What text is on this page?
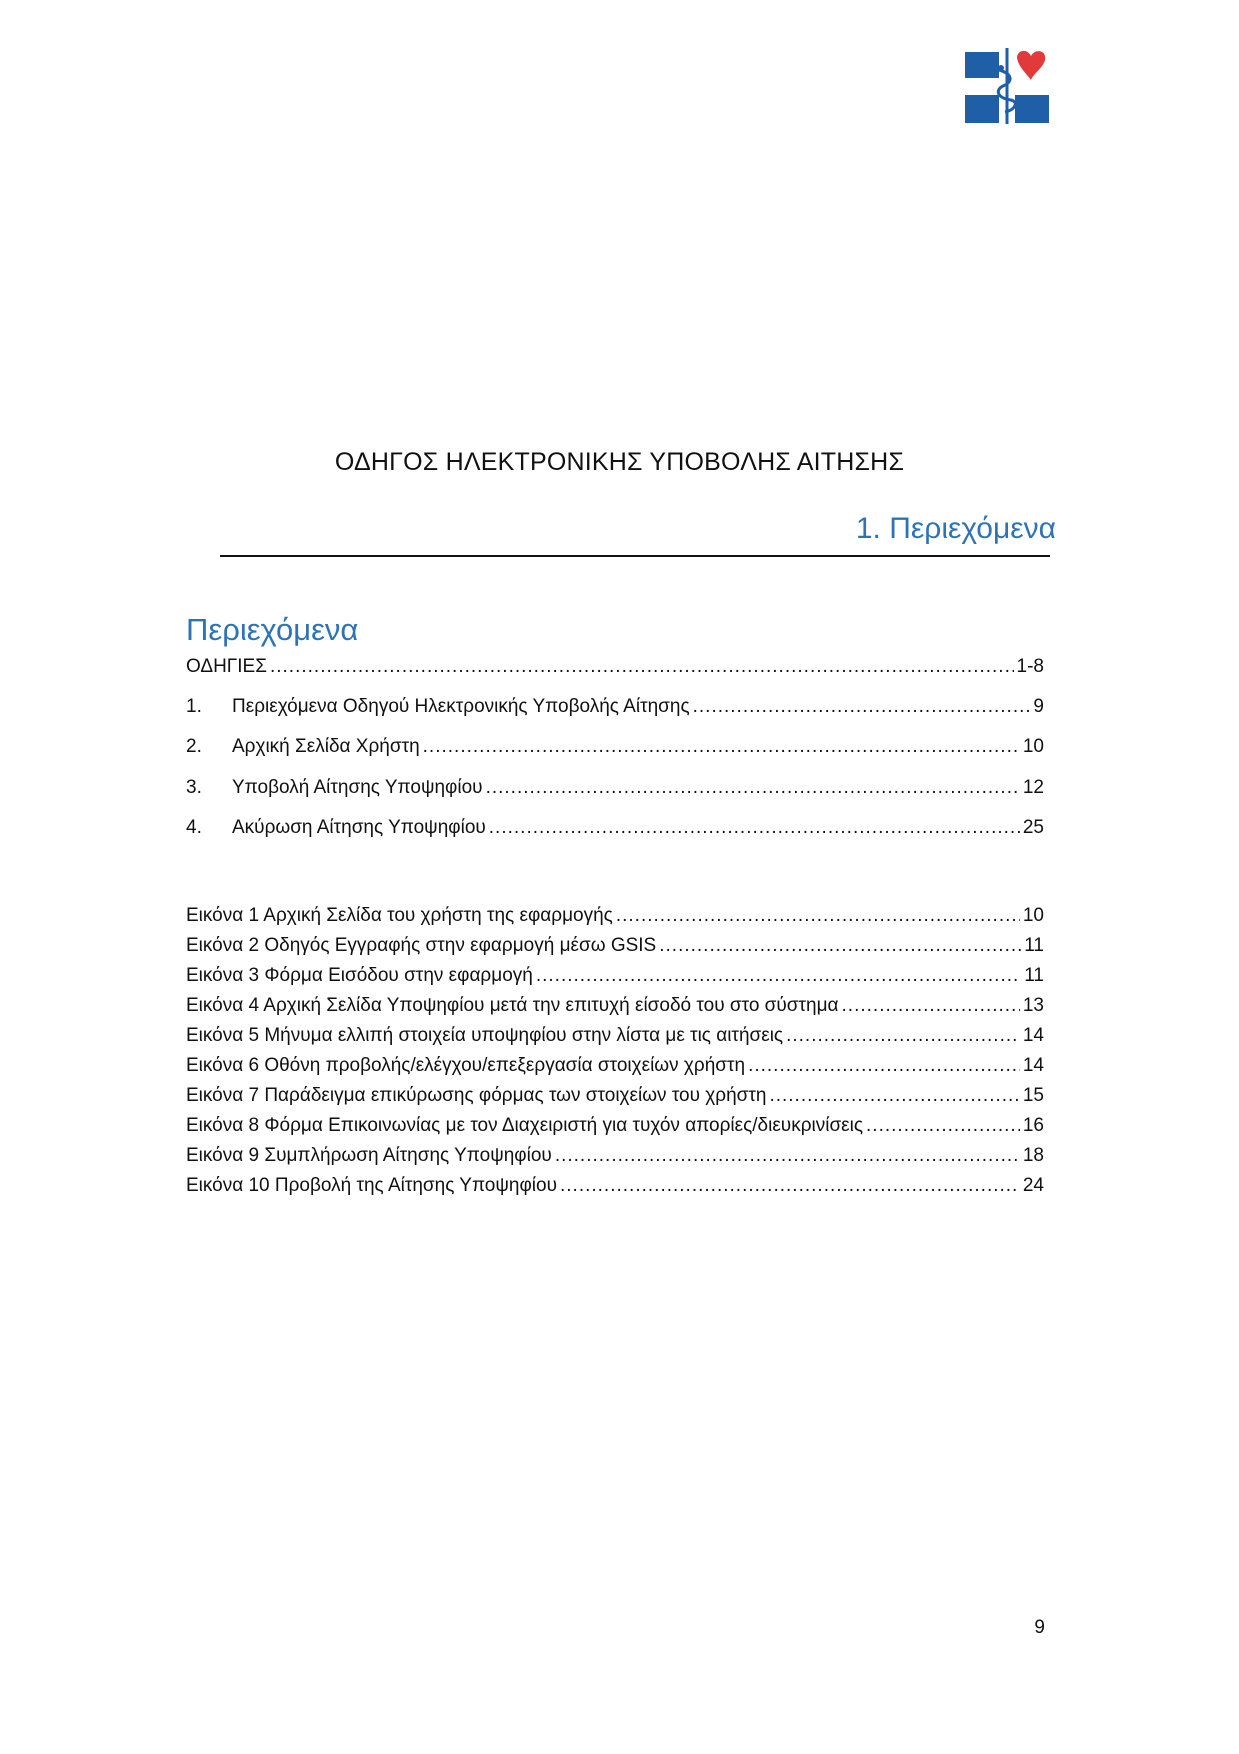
ΟΔΗΓΟΣ ΗΛΕΚΤΡΟΝΙΚΗΣ ΥΠΟΒΟΛΗΣ ΑΙΤΗΣΗΣ
1. Περιεχόμενα
Περιεχόμενα
ΟΔΗΓΙΕΣ .....	1-8
1.	Περιεχόμενα Οδηγού Ηλεκτρονικής Υποβολής Αίτησης .....	9
2.	Αρχική Σελίδα Χρήστη .....	10
3.	Υποβολή Αίτησης Υποψηφίου .....	12
4.	Ακύρωση Αίτησης Υποψηφίου .....	25
Εικόνα 1 Αρχική Σελίδα του χρήστη της εφαρμογής .....	10
Εικόνα 2 Οδηγός Εγγραφής στην εφαρμογή μέσω GSIS .....	11
Εικόνα 3 Φόρμα Εισόδου στην εφαρμογή .....	11
Εικόνα 4 Αρχική Σελίδα Υποψηφίου μετά την επιτυχή είσοδό του στο σύστημα .....	13
Εικόνα 5 Μήνυμα ελλιπή στοιχεία υποψηφίου στην λίστα με τις αιτήσεις .....	14
Εικόνα 6 Οθόνη προβολής/ελέγχου/επεξεργασία στοιχείων χρήστη .....	14
Εικόνα 7 Παράδειγμα επικύρωσης φόρμας των στοιχείων του χρήστη .....	15
Εικόνα 8 Φόρμα Επικοινωνίας με τον Διαχειριστή για τυχόν απορίες/διευκρινίσεις .....	16
Εικόνα 9 Συμπλήρωση Αίτησης Υποψηφίου .....	18
Εικόνα 10 Προβολή της Αίτησης Υποψηφίου .....	24
9
